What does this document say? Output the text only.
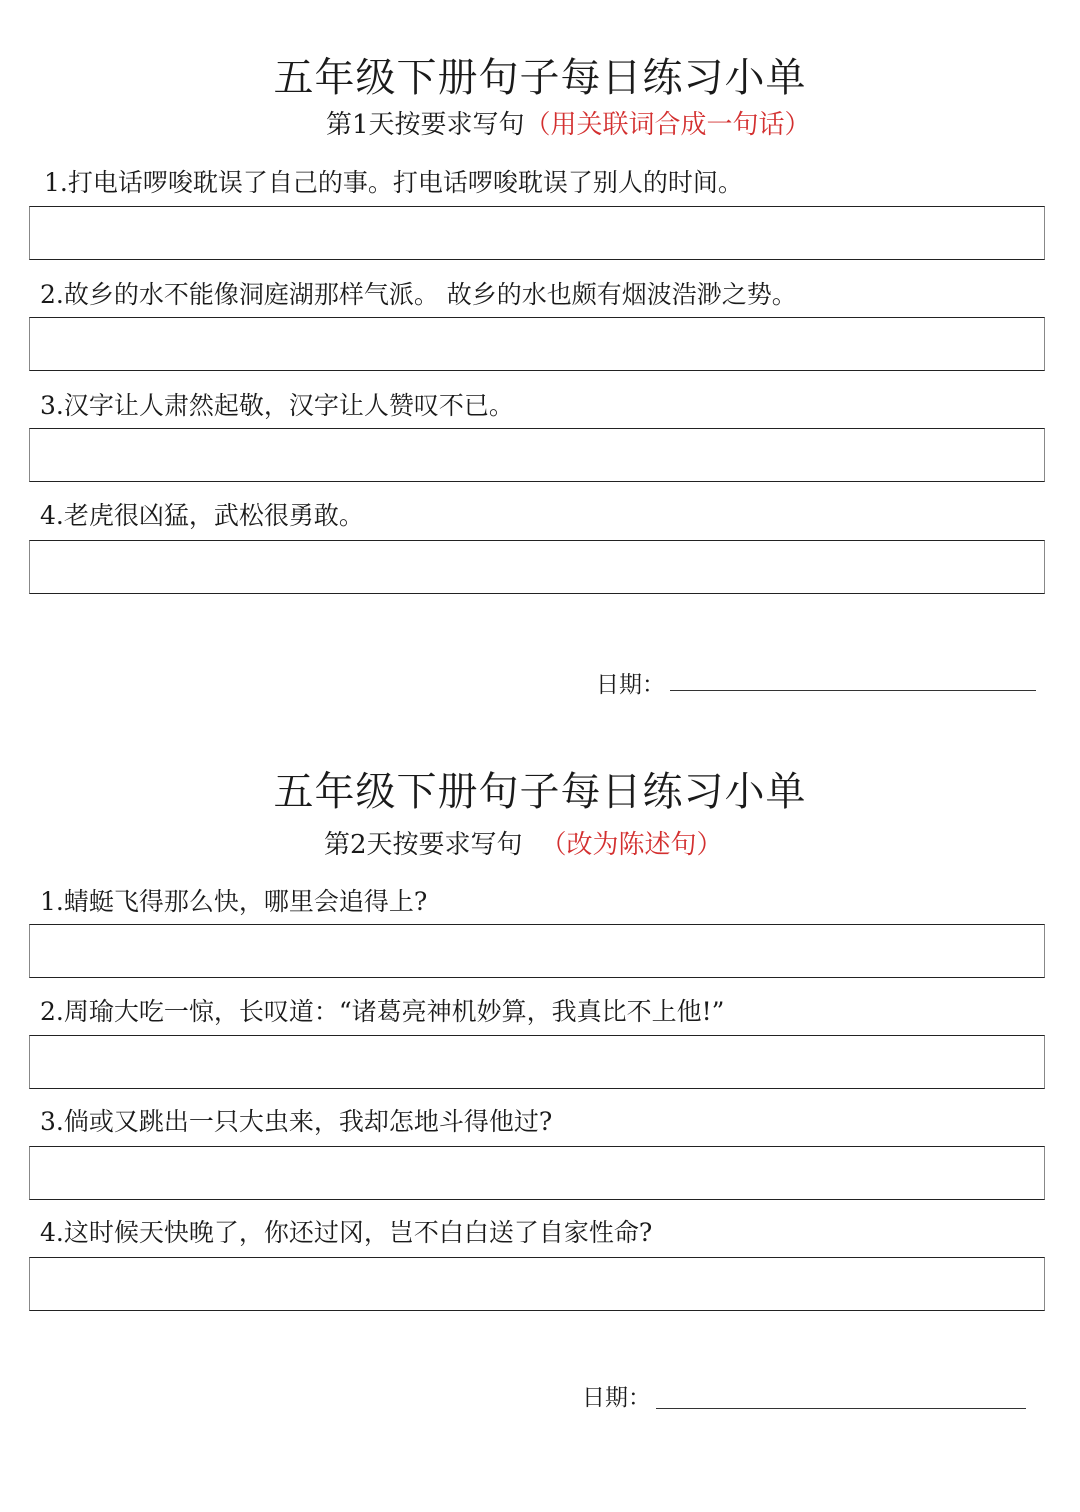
五年级下册句子每日练习小单
第1天按要求写句（用关联词合成一句话）
1.打电话啰唆耽误了自己的事。打电话啰唆耽误了别人的时间。
2.故乡的水不能像洞庭湖那样气派。 故乡的水也颇有烟波浩渺之势。
3.汉字让人肃然起敬，汉字让人赞叹不已。
4.老虎很凶猛，武松很勇敢。
日期：
五年级下册句子每日练习小单
第2天按要求写句 （改为陈述句）
1.蜻蜓飞得那么快，哪里会追得上?
2.周瑜大吃一惊，长叹道：“诸葛亮神机妙算，我真比不上他!”
3.倘或又跳出一只大虫来，我却怎地斗得他过?
4.这时候天快晚了，你还过冈，岂不白白送了自家性命?
日期：
